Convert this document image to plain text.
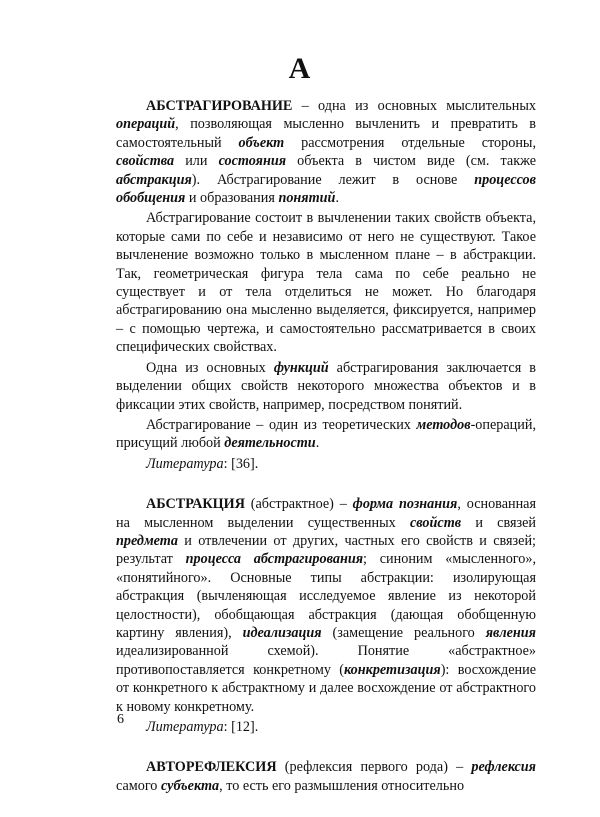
А

АБСТРАГИРОВАНИЕ – одна из основных мыслительных операций, позволяющая мысленно вычленить и превратить в самостоятельный объект рассмотрения отдельные стороны, свойства или состояния объекта в чистом виде (см. также абстракция). Абстрагирование лежит в основе процессов обобщения и образования понятий.

Абстрагирование состоит в вычленении таких свойств объекта, которые сами по себе и независимо от него не существуют. Такое вычленение возможно только в мысленном плане – в абстракции. Так, геометрическая фигура тела сама по себе реально не существует и от тела отделиться не может. Но благодаря абстрагированию она мысленно выделяется, фиксируется, например – с помощью чертежа, и самостоятельно рассматривается в своих специфических свойствах.

Одна из основных функций абстрагирования заключается в выделении общих свойств некоторого множества объектов и в фиксации этих свойств, например, посредством понятий.

Абстрагирование – один из теоретических методов-операций, присущий любой деятельности.

Литература: [36].

АБСТРАКЦИЯ (абстрактное) – форма познания, основанная на мысленном выделении существенных свойств и связей предмета и отвлечении от других, частных его свойств и связей; результат процесса абстрагирования; синоним «мысленного», «понятийного». Основные типы абстракции: изолирующая абстракция (вычленяющая исследуемое явление из некоторой целостности), обобщающая абстракция (дающая обобщенную картину явления), идеализация (замещение реального явления идеализированной схемой). Понятие «абстрактное» противопоставляется конкретному (конкретизация): восхождение от конкретного к абстрактному и далее восхождение от абстрактного к новому конкретному.

Литература: [12].

АВТОРЕФЛЕКСИЯ (рефлексия первого рода) – рефлексия самого субъекта, то есть его размышления относительно

6
